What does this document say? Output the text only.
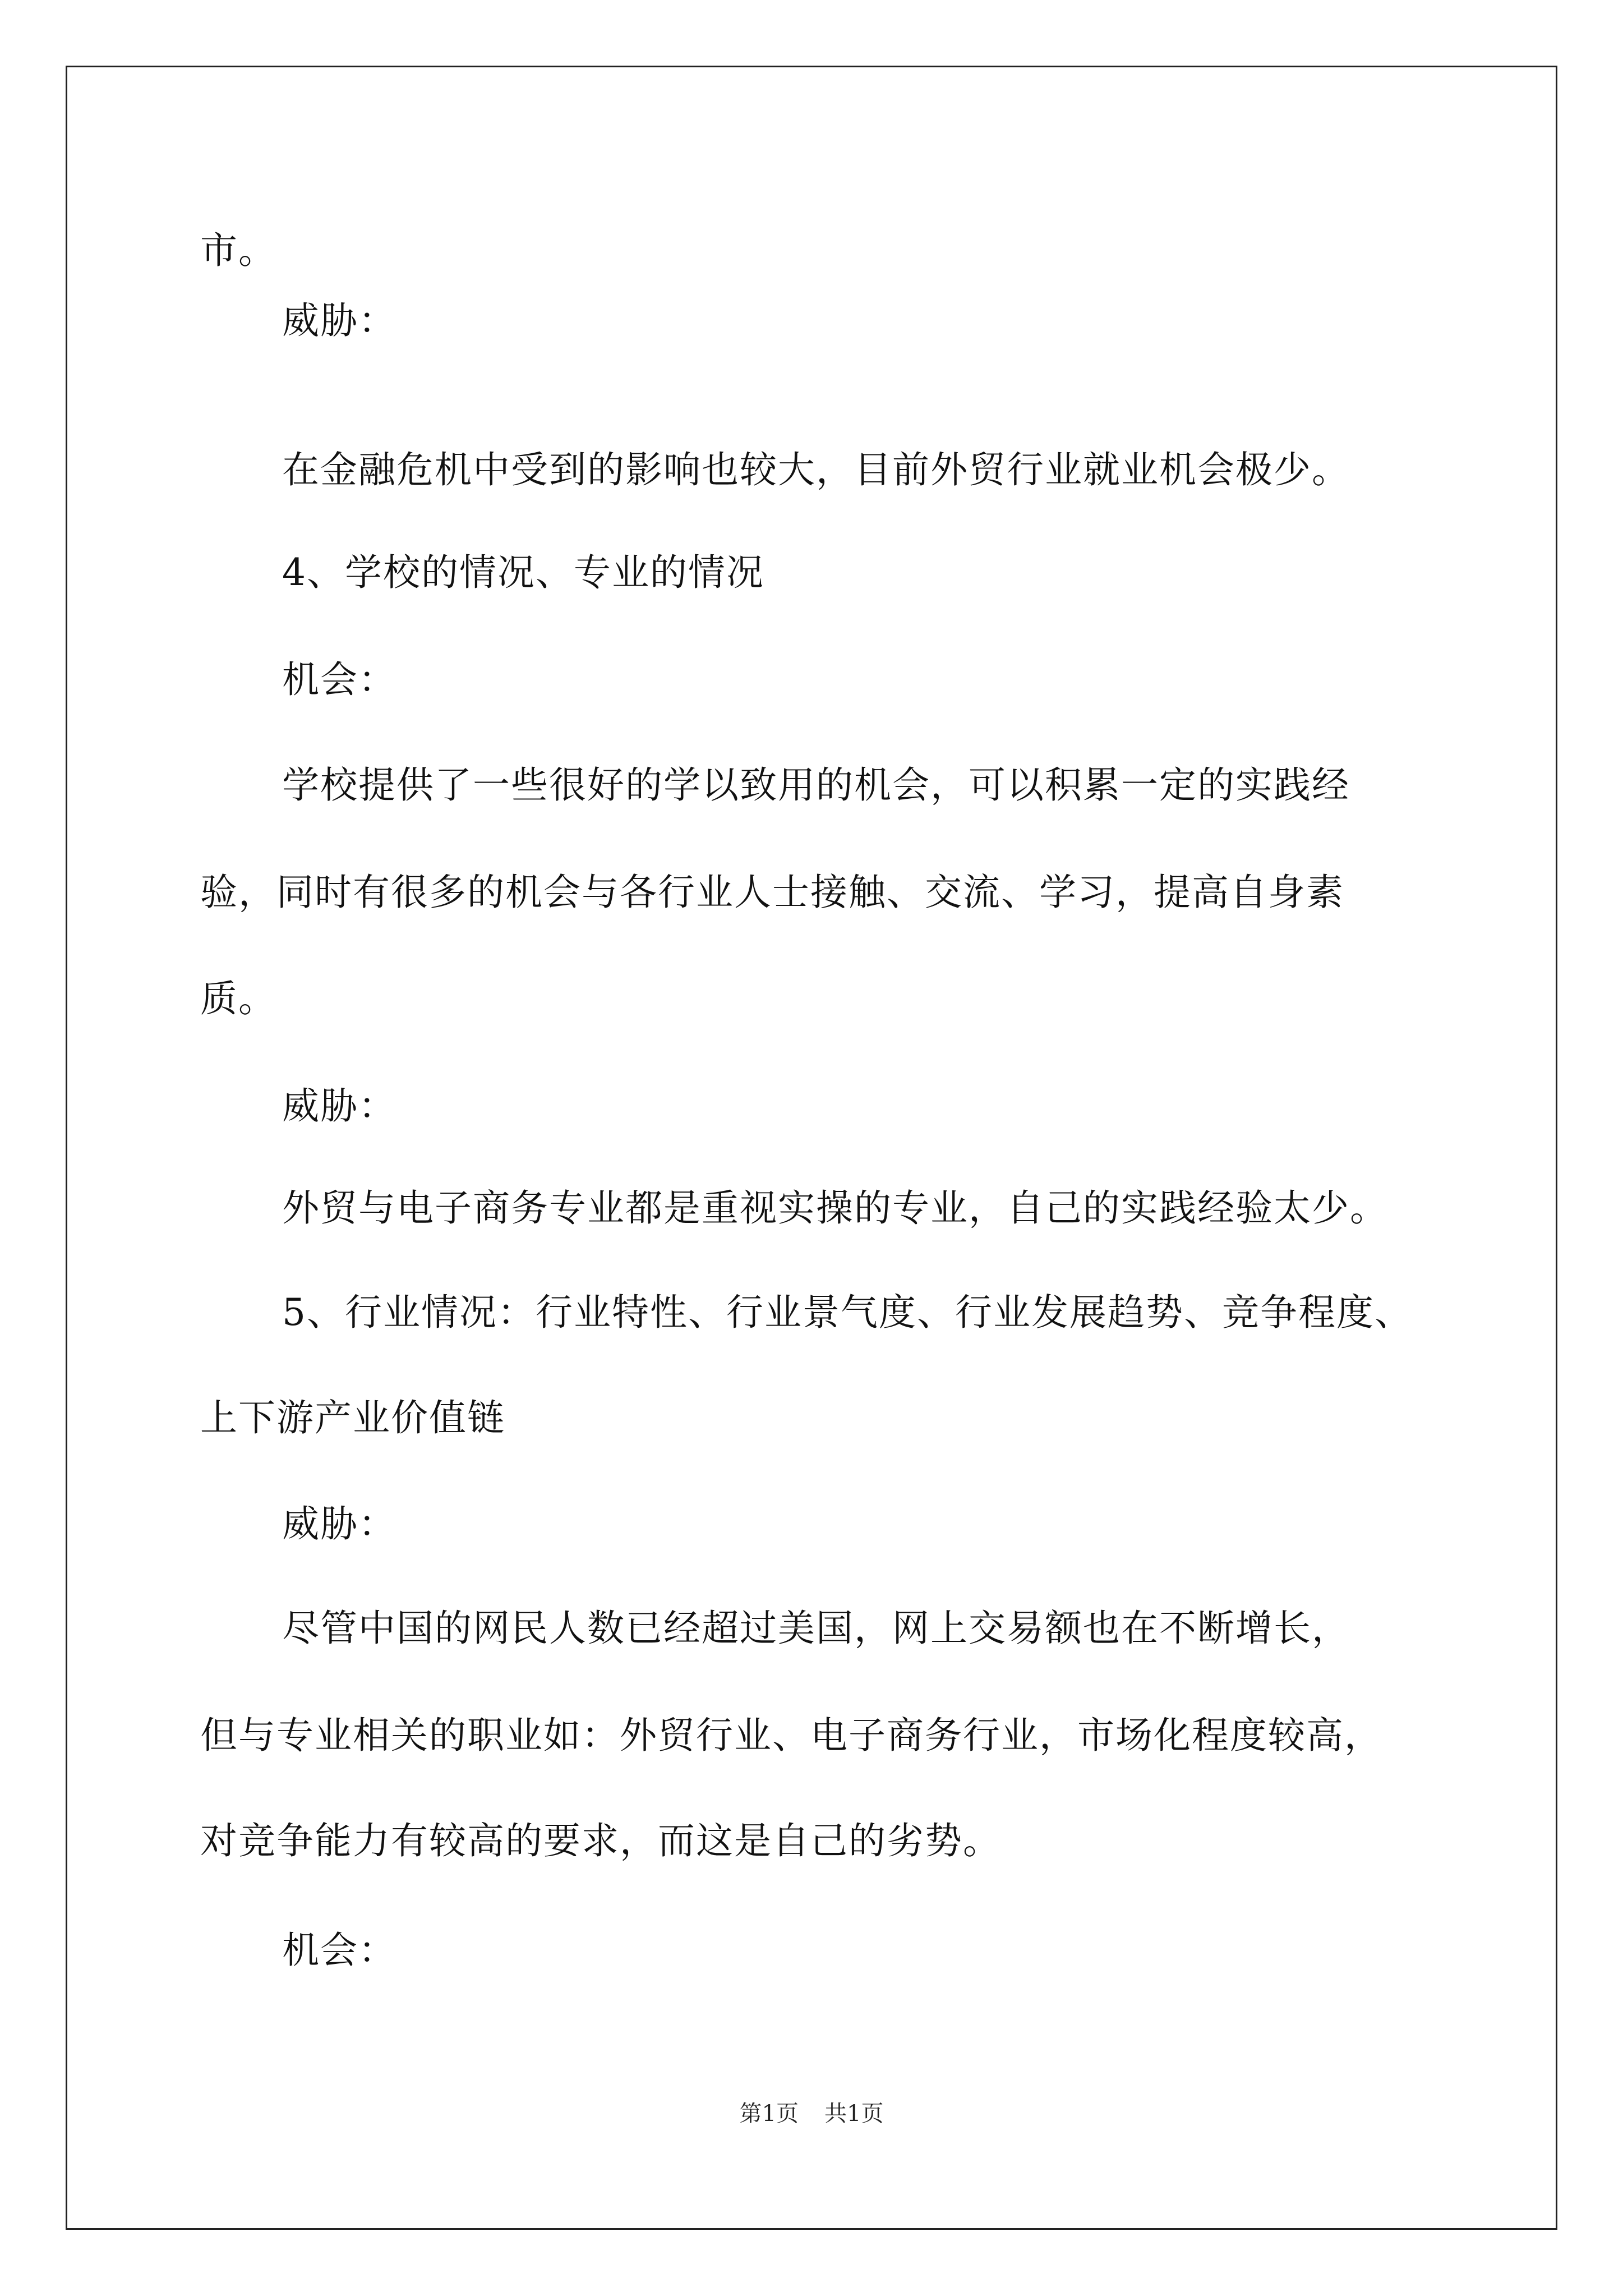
市。
威胁：
在金融危机中受到的影响也较大，目前外贸行业就业机会极少。
4、学校的情况、专业的情况
机会：
学校提供了一些很好的学以致用的机会，可以积累一定的实践经
验，同时有很多的机会与各行业人士接触、交流、学习，提高自身素
质。
威胁：
外贸与电子商务专业都是重视实操的专业，自己的实践经验太少。
5、行业情况：行业特性、行业景气度、行业发展趋势、竞争程度、
上下游产业价值链
威胁：
尽管中国的网民人数已经超过美国，网上交易额也在不断增长，
但与专业相关的职业如：外贸行业、电子商务行业，市场化程度较高，
对竞争能力有较高的要求，而这是自己的劣势。
机会：
第1页 共1页
